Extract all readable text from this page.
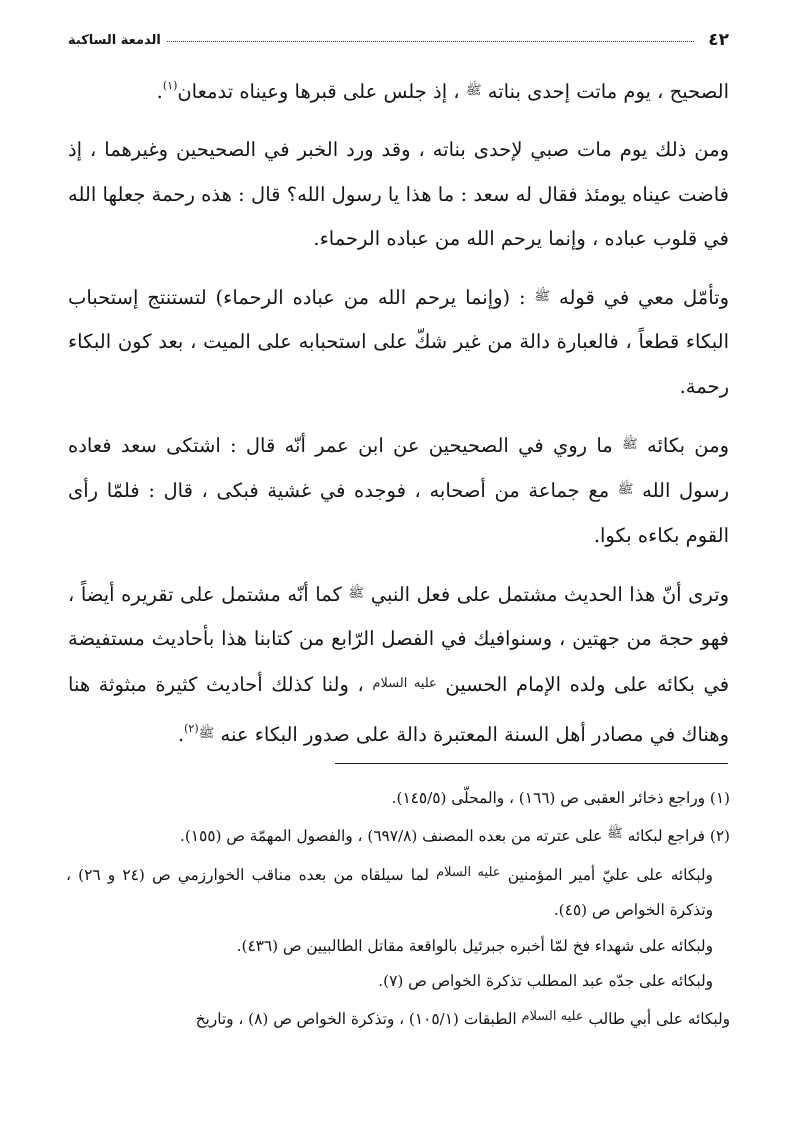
٤٢
الدمعة الساكبة

الصحيح ، يوم ماتت إحدى بناته $^ﷺ$ ، إذ جلس على قبرها وعيناه تدمعان$^{(١)}$.

ومن ذلك يوم مات صبي لإحدى بناته ، وقد ورد الخبر في الصحيحين وغيرهما ، إذ فاضت عيناه يومئذ فقال له سعد : ما هذا يا رسول الله؟ قال : هذه رحمة جعلها الله في قلوب عباده ، وإنما يرحم الله من عباده الرحماء.

وتأمّل معي في قوله $^ﷺ$ : (وإنما يرحم الله من عباده الرحماء) لتستنتج إستحباب البكاء قطعاً ، فالعبارة دالة من غير شكّ على استحبابه على الميت ، بعد كون البكاء رحمة.

ومن بكائه $^ﷺ$ ما روي في الصحيحين عن ابن عمر أنّه قال : اشتكى سعد فعاده رسول الله $^ﷺ$ مع جماعة من أصحابه ، فوجده في غشية فبكى ، قال : فلمّا رأى القوم بكاءه بكوا.

وترى أنّ هذا الحديث مشتمل على فعل النبي $^ﷺ$ كما أنّه مشتمل على تقريره أيضاً ، فهو حجة من جهتين ، وسنوافيك في الفصل الرّابع من كتابنا هذا بأحاديث مستفيضة في بكائه على ولده الإمام الحسين $^{عليه السلام}$ ، ولنا كذلك أحاديث كثيرة مبثوثة هنا وهناك في مصادر أهل السنة المعتبرة دالة على صدور البكاء عنه $^{ﷺ(٢)}$.

(١) وراجع ذخائر العقبى ص (١٦٦) ، والمحلّى (١٤٥/٥).

(٢) فراجع لبكائه $^ﷺ$ على عترته من بعده المصنف (٦٩٧/٨) ، والفصول المهمّة ص (١٥٥).

ولبكائه على عليّ أمير المؤمنين $^{عليه السلام}$ لما سيلقاه من بعده مناقب الخوارزمي ص (٢٤ و ٢٦) ، وتذكرة الخواص ص (٤٥).

ولبكائه على شهداء فخ لمّا أخبره جبرئيل بالواقعة مقاتل الطالبيين ص (٤٣٦).

ولبكائه على جدّه عبد المطلب تذكرة الخواص ص (٧).

ولبكائه على أبي طالب $^{عليه السلام}$ الطبقات (١٠٥/١) ، وتذكرة الخواص ص (٨) ، وتاريخ
